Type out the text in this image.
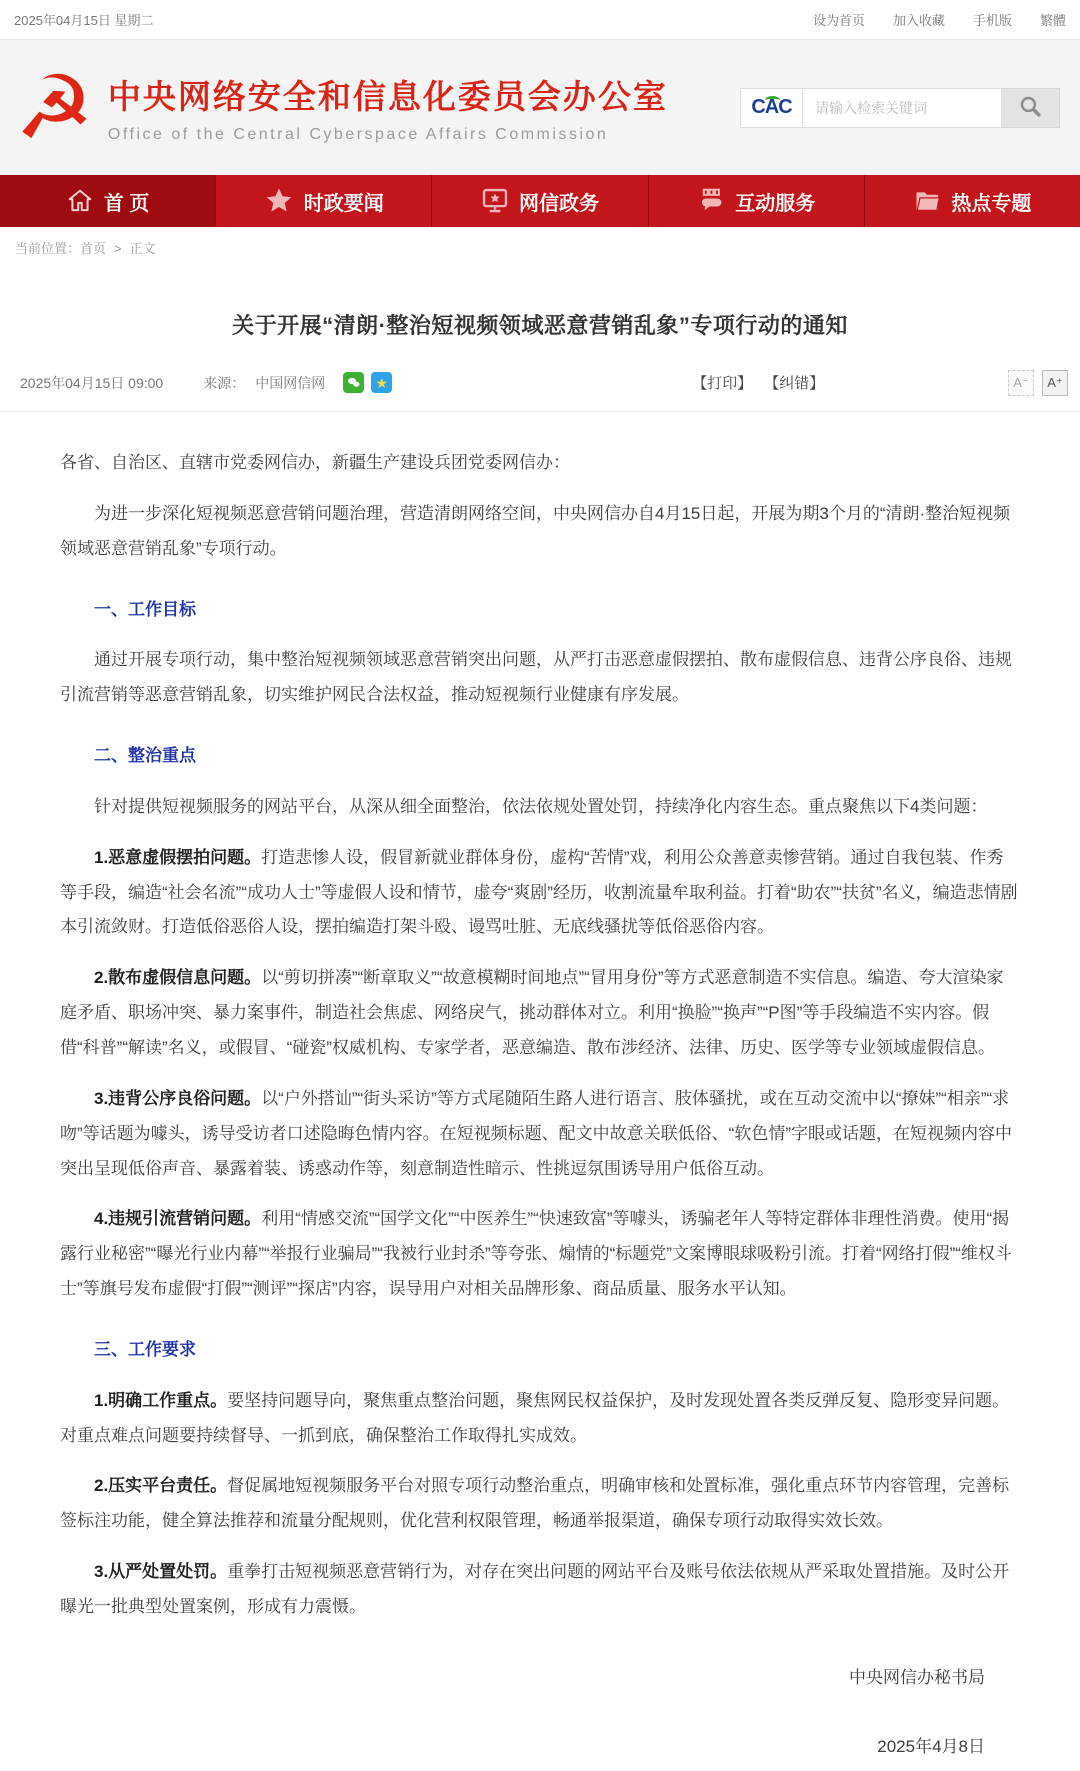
2025年04月15日 星期二	设为首页 加入收藏 手机版 繁體
☭ 中央网络安全和信息化委员会办公室
Office of the Central Cyberspace Affairs Commission
CAC
请输入检索关键词
首 页	时政要闻	网信政务	互动服务	热点专题
当前位置： 首页 > 正文
关于开展“清朗·整治短视频领域恶意营销乱象”专项行动的通知
2025年04月15日 09:00	来源： 中国网信网	★	【打印】 【纠错】	A⁻	A⁺

各省、自治区、直辖市党委网信办，新疆生产建设兵团党委网信办：

为进一步深化短视频恶意营销问题治理，营造清朗网络空间，中央网信办自4月15日起，开展为期3个月的“清朗·整治短视频领域恶意营销乱象”专项行动。

一、工作目标

通过开展专项行动，集中整治短视频领域恶意营销突出问题，从严打击恶意虚假摆拍、散布虚假信息、违背公序良俗、违规引流营销等恶意营销乱象，切实维护网民合法权益，推动短视频行业健康有序发展。

二、整治重点

针对提供短视频服务的网站平台，从深从细全面整治，依法依规处置处罚，持续净化内容生态。重点聚焦以下4类问题：

1.恶意虚假摆拍问题。打造悲惨人设，假冒新就业群体身份，虚构“苦情”戏，利用公众善意卖惨营销。通过自我包装、作秀等手段，编造“社会名流”“成功人士”等虚假人设和情节，虚夸“爽剧”经历，收割流量牟取利益。打着“助农”“扶贫”名义，编造悲情剧本引流敛财。打造低俗恶俗人设，摆拍编造打架斗殴、谩骂吐脏、无底线骚扰等低俗恶俗内容。

2.散布虚假信息问题。以“剪切拼凑”“断章取义”“故意模糊时间地点”“冒用身份”等方式恶意制造不实信息。编造、夸大渲染家庭矛盾、职场冲突、暴力案事件，制造社会焦虑、网络戾气，挑动群体对立。利用“换脸”“换声”“P图”等手段编造不实内容。假借“科普”“解读”名义，或假冒、“碰瓷”权威机构、专家学者，恶意编造、散布涉经济、法律、历史、医学等专业领域虚假信息。

3.违背公序良俗问题。以“户外搭讪”“街头采访”等方式尾随陌生路人进行语言、肢体骚扰，或在互动交流中以“撩妹”“相亲”“求吻”等话题为噱头，诱导受访者口述隐晦色情内容。在短视频标题、配文中故意关联低俗、“软色情”字眼或话题，在短视频内容中突出呈现低俗声音、暴露着装、诱惑动作等，刻意制造性暗示、性挑逗氛围诱导用户低俗互动。

4.违规引流营销问题。利用“情感交流”“国学文化”“中医养生”“快速致富”等噱头，诱骗老年人等特定群体非理性消费。使用“揭露行业秘密”“曝光行业内幕”“举报行业骗局”“我被行业封杀”等夸张、煽情的“标题党”文案博眼球吸粉引流。打着“网络打假”“维权斗士”等旗号发布虚假“打假”“测评”“探店”内容，误导用户对相关品牌形象、商品质量、服务水平认知。

三、工作要求

1.明确工作重点。要坚持问题导向，聚焦重点整治问题，聚焦网民权益保护，及时发现处置各类反弹反复、隐形变异问题。对重点难点问题要持续督导、一抓到底，确保整治工作取得扎实成效。

2.压实平台责任。督促属地短视频服务平台对照专项行动整治重点，明确审核和处置标准，强化重点环节内容管理，完善标签标注功能，健全算法推荐和流量分配规则，优化营利权限管理，畅通举报渠道，确保专项行动取得实效长效。

3.从严处置处罚。重拳打击短视频恶意营销行为，对存在突出问题的网站平台及账号依法依规从严采取处置措施。及时公开曝光一批典型处置案例，形成有力震慑。

中央网信办秘书局
2025年4月8日
